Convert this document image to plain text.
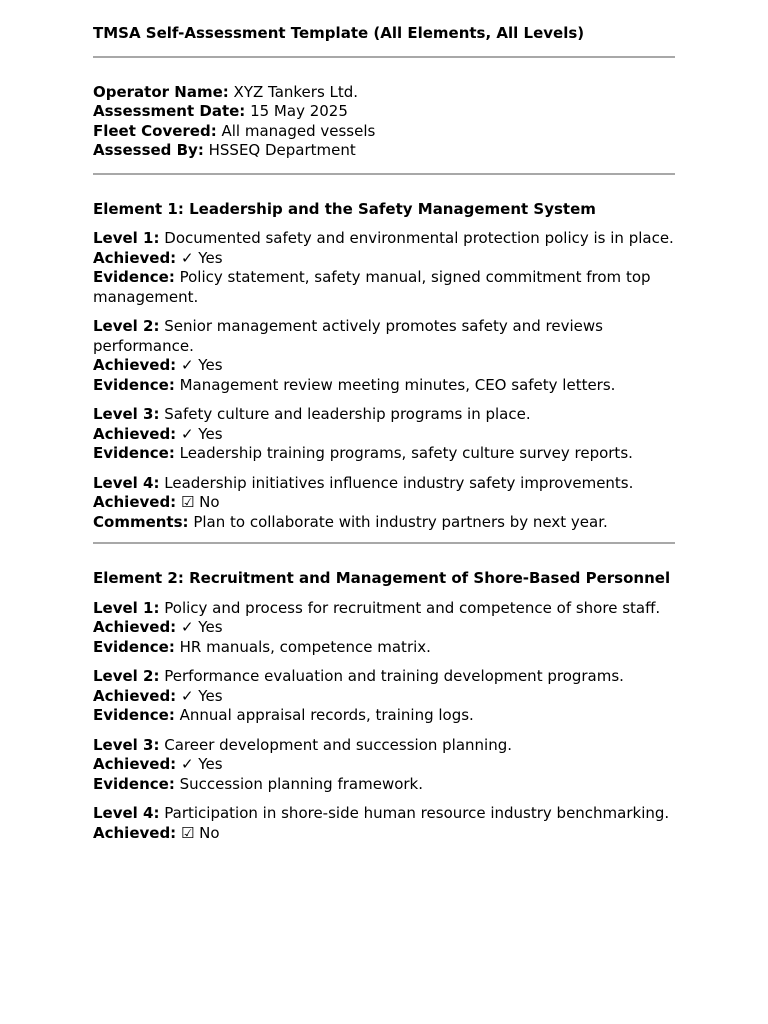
TMSA Self-Assessment Template (All Elements, All Levels)
Operator Name: XYZ Tankers Ltd.
Assessment Date: 15 May 2025
Fleet Covered: All managed vessels
Assessed By: HSSEQ Department
Element 1: Leadership and the Safety Management System

Level 1: Documented safety and environmental protection policy is in place.

Achieved: ✓ Yes

Evidence: Policy statement, safety manual, signed commitment from top management.

Level 2: Senior management actively promotes safety and reviews performance.

Achieved: ✓ Yes

Evidence: Management review meeting minutes, CEO safety letters.

Level 3: Safety culture and leadership programs in place.

Achieved: ✓ Yes

Evidence: Leadership training programs, safety culture survey reports.

Level 4: Leadership initiatives influence industry safety improvements.

Achieved: ☑ No

Comments: Plan to collaborate with industry partners by next year.

Element 2: Recruitment and Management of Shore-Based Personnel

Level 1: Policy and process for recruitment and competence of shore staff.

Achieved: ✓ Yes

Evidence: HR manuals, competence matrix.

Level 2: Performance evaluation and training development programs.

Achieved: ✓ Yes

Evidence: Annual appraisal records, training logs.

Level 3: Career development and succession planning.

Achieved: ✓ Yes

Evidence: Succession planning framework.

Level 4: Participation in shore-side human resource industry benchmarking.

Achieved: ☑ No
